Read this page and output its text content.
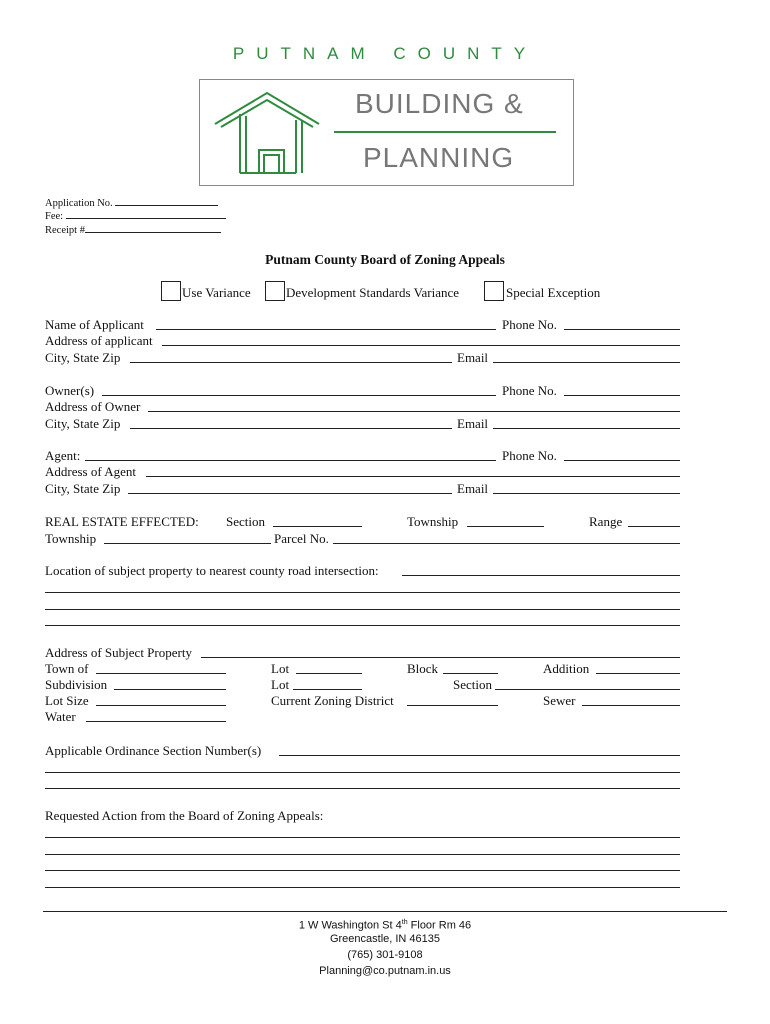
PUTNAM COUNTY
BUILDING &
PLANNING
Application No.
Fee:
Receipt #
Putnam County Board of Zoning Appeals
Use Variance	Development Standards Variance	Special Exception
Name of Applicant	Phone No.
Address of applicant
City, State Zip	Email
Owner(s)	Phone No.
Address of Owner
City, State Zip	Email
Agent:	Phone No.
Address of Agent
City, State Zip	Email
REAL ESTATE EFFECTED: Section	Township	Range
Township	Parcel No.
Location of subject property to nearest county road intersection:
Address of Subject Property
Town of	Lot	Block	Addition
Subdivision	Lot	Section
Lot Size	Current Zoning District	Sewer
Water
Applicable Ordinance Section Number(s)
Requested Action from the Board of Zoning Appeals:
1 W Washington St 4th Floor Rm 46
Greencastle, IN 46135
(765) 301-9108
Planning@co.putnam.in.us
